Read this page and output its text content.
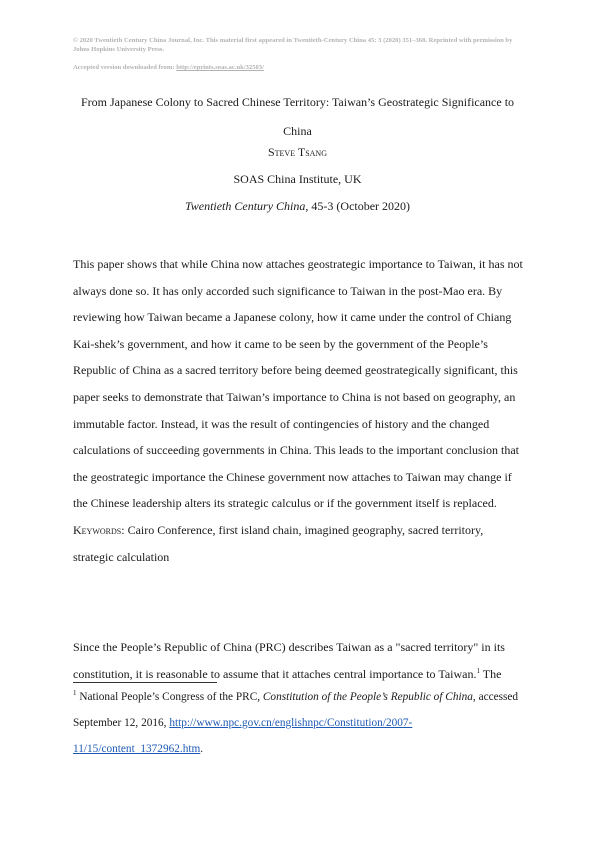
© 2020 Twentieth Century China Journal, Inc. This material first appeared in Twentieth-Century China 45: 3 (2020) 351–368. Reprinted with permission by Johns Hopkins University Press.
Accepted version downloaded from: http://eprints.soas.ac.uk/32503/
From Japanese Colony to Sacred Chinese Territory: Taiwan’s Geostrategic Significance to
China
Steve Tsang
SOAS China Institute, UK
Twentieth Century China, 45-3 (October 2020)
This paper shows that while China now attaches geostrategic importance to Taiwan, it has not always done so. It has only accorded such significance to Taiwan in the post-Mao era. By reviewing how Taiwan became a Japanese colony, how it came under the control of Chiang Kai-shek’s government, and how it came to be seen by the government of the People’s Republic of China as a sacred territory before being deemed geostrategically significant, this paper seeks to demonstrate that Taiwan’s importance to China is not based on geography, an immutable factor. Instead, it was the result of contingencies of history and the changed calculations of succeeding governments in China. This leads to the important conclusion that the geostrategic importance the Chinese government now attaches to Taiwan may change if the Chinese leadership alters its strategic calculus or if the government itself is replaced.
Keywords: Cairo Conference, first island chain, imagined geography, sacred territory, strategic calculation
Since the People’s Republic of China (PRC) describes Taiwan as a "sacred territory" in its constitution, it is reasonable to assume that it attaches central importance to Taiwan.$^1$ The
$^1$ National People’s Congress of the PRC, Constitution of the People’s Republic of China, accessed September 12, 2016, http://www.npc.gov.cn/englishnpc/Constitution/2007-11/15/content_1372962.htm.
